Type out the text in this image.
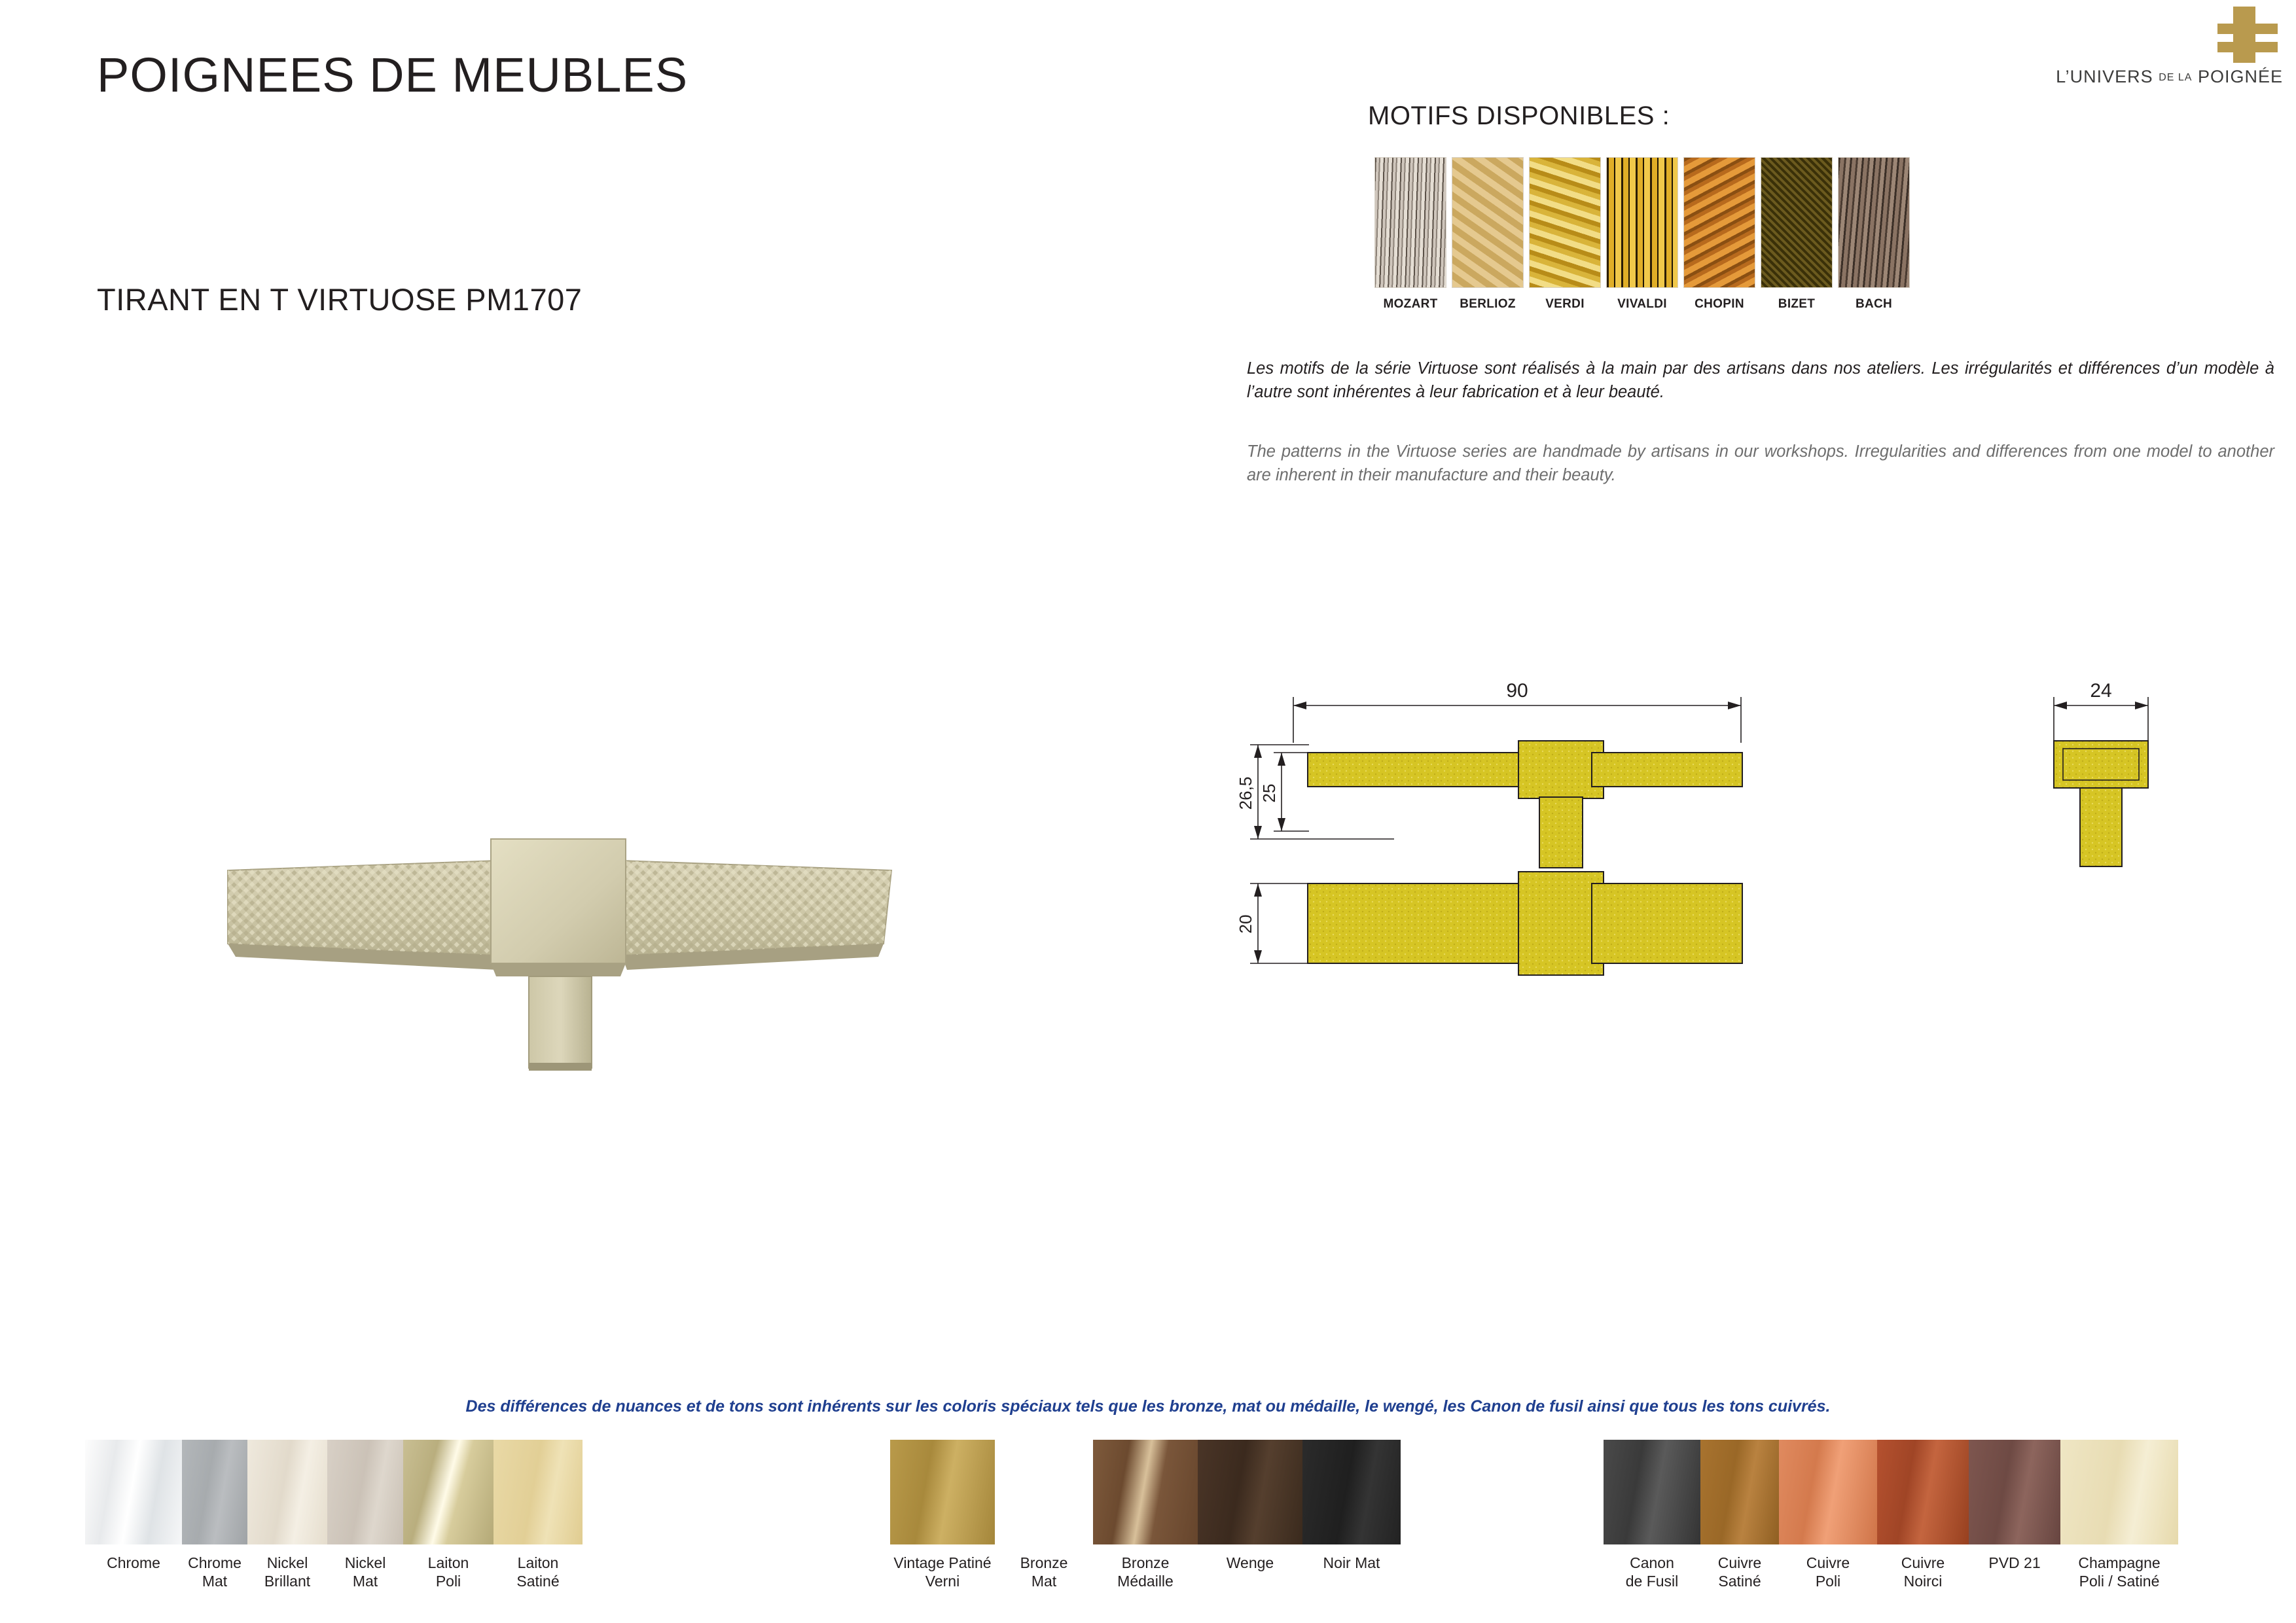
POIGNEES DE MEUBLES
TIRANT EN T VIRTUOSE PM1707
L’UNIVERS DE LA POIGNÉE
MOTIFS DISPONIBLES :
MOZART	BERLIOZ	VERDI	VIVALDI	CHOPIN	BIZET	BACH
Les motifs de la série Virtuose sont réalisés à la main par des artisans dans nos ateliers. Les irrégularités et différences d’un modèle à l’autre sont inhérentes à leur fabrication et à leur beauté.
The patterns in the Virtuose series are handmade by artisans in our workshops. Irregularities and differences from one model to another are inherent in their manufacture and their beauty.
90	24
26,5 25
20
Des différences de nuances et de tons sont inhérents sur les coloris spéciaux tels que les bronze, mat ou médaille, le wengé, les Canon de fusil ainsi que tous les tons cuivrés.
Chrome	Chrome
Mat
Nickel
Brillant
Nickel
Mat
Laiton
Poli
Laiton
Satiné
Vintage Patiné
Verni
Bronze
Mat
Bronze
Médaille
Wenge	Noir Mat	Canon
de Fusil
Cuivre
Satiné
Cuivre
Poli
Cuivre
Noirci
PVD 21	Champagne
Poli / Satiné
